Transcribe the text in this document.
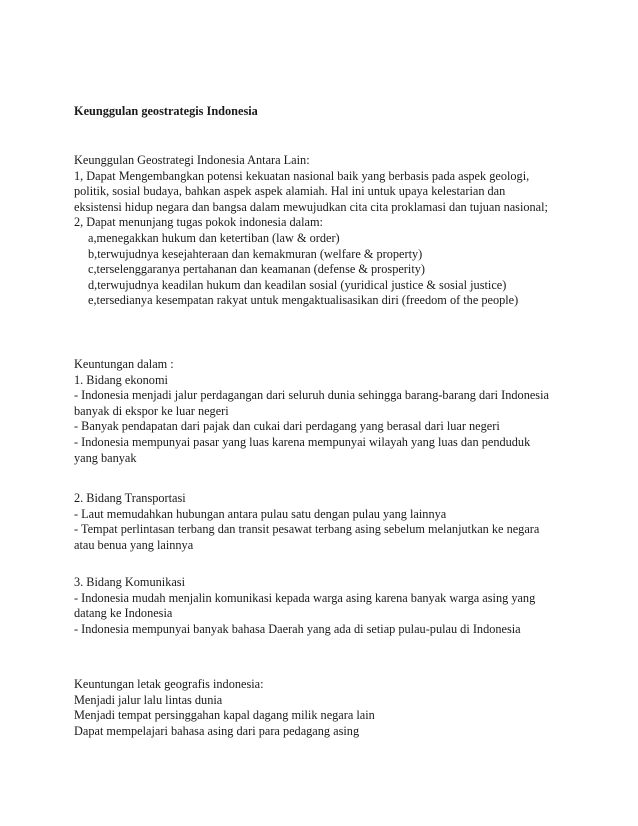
Keunggulan geostrategis Indonesia
Keunggulan Geostrategi Indonesia Antara Lain:
1, Dapat Mengembangkan potensi kekuatan nasional baik yang berbasis pada aspek geologi,
politik, sosial budaya, bahkan aspek aspek alamiah. Hal ini untuk upaya kelestarian dan
eksistensi hidup negara dan bangsa dalam mewujudkan cita cita proklamasi dan tujuan nasional;
2, Dapat menunjang tugas pokok indonesia dalam:
a,menegakkan hukum dan ketertiban (law & order)
b,terwujudnya kesejahteraan dan kemakmuran (welfare & property)
c,terselenggaranya pertahanan dan keamanan (defense & prosperity)
d,terwujudnya keadilan hukum dan keadilan sosial (yuridical justice & sosial justice)
e,tersedianya kesempatan rakyat untuk mengaktualisasikan diri (freedom of the people)
Keuntungan dalam :
1. Bidang ekonomi
- Indonesia menjadi jalur perdagangan dari seluruh dunia sehingga barang-barang dari Indonesia
banyak di ekspor ke luar negeri
- Banyak pendapatan dari pajak dan cukai dari perdagang yang berasal dari luar negeri
- Indonesia mempunyai pasar yang luas karena mempunyai wilayah yang luas dan penduduk
yang banyak
2. Bidang Transportasi
- Laut memudahkan hubungan antara pulau satu dengan pulau yang lainnya
- Tempat perlintasan terbang dan transit pesawat terbang asing sebelum melanjutkan ke negara
atau benua yang lainnya
3. Bidang Komunikasi
- Indonesia mudah menjalin komunikasi kepada warga asing karena banyak warga asing yang
datang ke Indonesia
- Indonesia mempunyai banyak bahasa Daerah yang ada di setiap pulau-pulau di Indonesia
Keuntungan letak geografis indonesia:
Menjadi jalur lalu lintas dunia
Menjadi tempat persinggahan kapal dagang milik negara lain
Dapat mempelajari bahasa asing dari para pedagang asing
